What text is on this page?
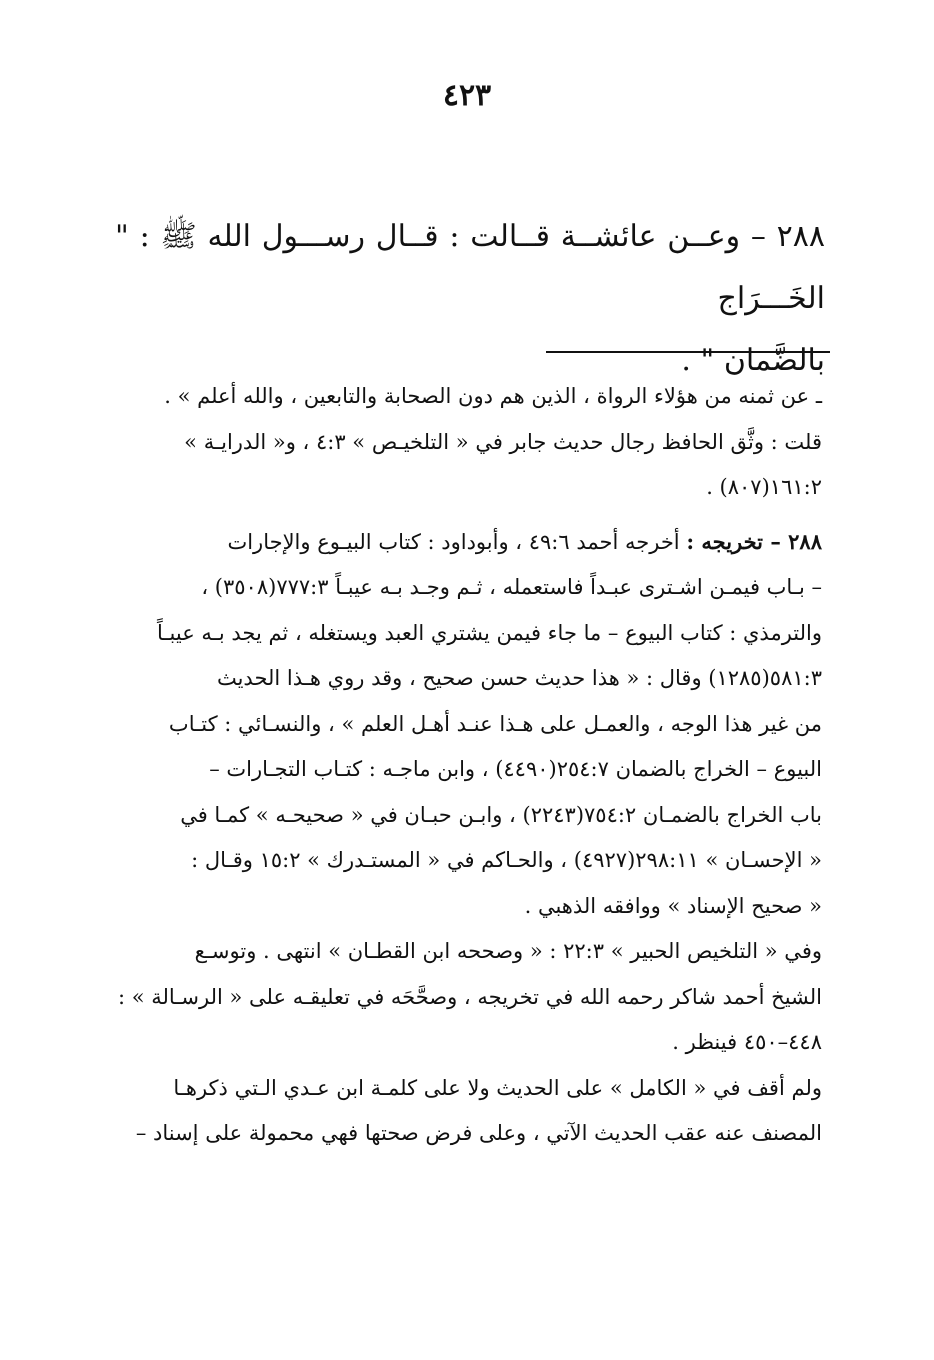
٤٢٣
٢٨٨ – وعــن عائشــة قــالت : قــال رســـول الله ﷺ : " الخَـــرَاج
بالضَّمان " .
ـ عن ثمنه من هؤلاء الرواة ، الذين هم دون الصحابة والتابعين ، والله أعلم » .
قلت : وثَّق الحافظ رجال حديث جابر في « التلخيـص » ٤:٣ ، و« الدرايـة »
١٦١:٢(٨٠٧) .
٢٨٨ – تخريجه : أخرجه أحمد ٤٩:٦ ، وأبوداود : كتاب البيـوع والإجارات
– بـاب فيمـن اشـترى عبـداً فاستعمله ، ثـم وجـد بـه عيبـاً ٧٧٧:٣(٣٥٠٨) ،
والترمذي : كتاب البيوع – ما جاء فيمن يشتري العبد ويستغله ، ثم يجد بـه عيبـاً
٥٨١:٣(١٢٨٥) وقال : « هذا حديث حسن صحيح ، وقد روي هـذا الحديث
من غير هذا الوجه ، والعمـل على هـذا عنـد أهـل العلم » ، والنسـائي : كتـاب
البيوع – الخراج بالضمان ٢٥٤:٧(٤٤٩٠) ، وابن ماجـه : كتـاب التجـارات –
باب الخراج بالضمـان ٧٥٤:٢(٢٢٤٣) ، وابـن حبـان في « صحيحـه » كمـا في
« الإحسـان » ٢٩٨:١١(٤٩٢٧) ، والحـاكم في « المستـدرك » ١٥:٢ وقـال :
« صحيح الإسناد » ووافقه الذهبي .
وفي « التلخيص الحبير » ٢٢:٣ : « وصححه ابن القطـان » انتهى . وتوسـع
الشيخ أحمد شاكر رحمه الله في تخريجه ، وصحَّحَه في تعليقـه على « الرسـالة » :
٤٤٨–٤٥٠ فينظر .
ولم أقف في « الكامل » على الحديث ولا على كلمـة ابن عـدي الـتي ذكرهـا
المصنف عنه عقب الحديث الآتي ، وعلى فرض صحتها فهي محمولة على إسناد –
